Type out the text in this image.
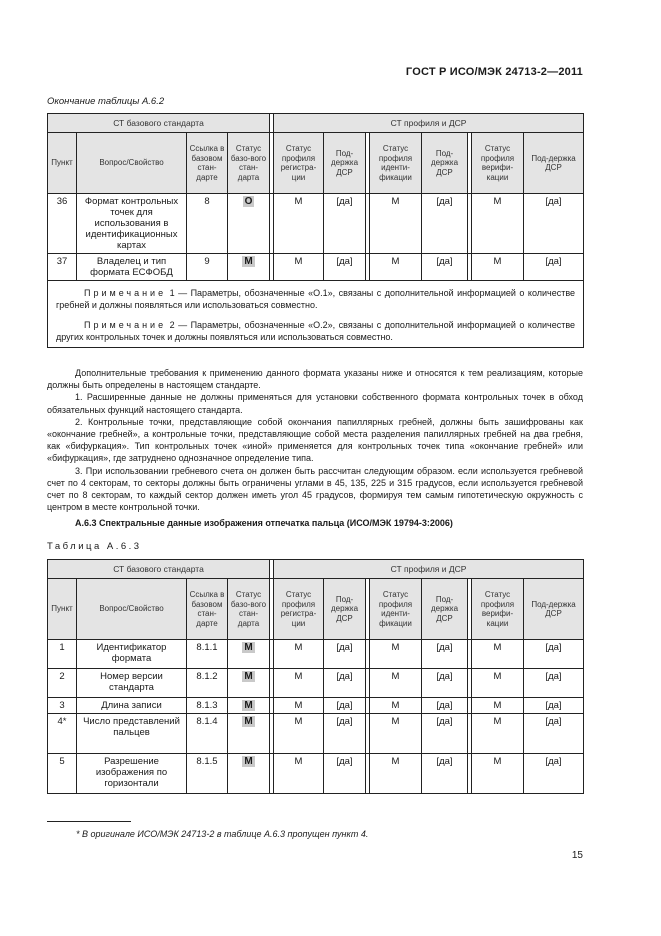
ГОСТ Р ИСО/МЭК 24713-2—2011
Окончание таблицы А.6.2
СТ базового стандарта					СТ профиля и ДСР							
Пункт	Вопрос/Свойство	Ссылка в базовом стан-дарте	Статус базо-вого стан-дарта		Статус профиля регистра-ции	Под-держка ДСР		Статус профиля иденти-фикации	Под-держка ДСР		Статус профиля верифи-кации	Под-держка ДСР
36	Формат контрольных точек для использования в идентификационных картах	8	О		М	[да]		М	[да]		М	[да]
37	Владелец и тип формата ЕСФОБД	9	М		М	[да]		М	[да]		М	[да]

Примечание 1 — Параметры, обозначенные «О.1», связаны с дополнительной информацией о количестве гребней и должны появляться или использоваться совместно.

Примечание 2 — Параметры, обозначенные «О.2», связаны с дополнительной информацией о количестве других контрольных точек и должны появляться или использоваться совместно.												

Дополнительные требования к применению данного формата указаны ниже и относятся к тем реализациям, которые должны быть определены в настоящем стандарте.

1. Расширенные данные не должны применяться для установки собственного формата контрольных точек в обход обязательных функций настоящего стандарта.

2. Контрольные точки, представляющие собой окончания папиллярных гребней, должны быть зашифрованы как «окончание гребней», а контрольные точки, представляющие собой места разделения папиллярных гребней на два гребня, как «бифуркация». Тип контрольных точек «иной» применяется для контрольных точек типа «окончание гребней» или «бифуркация», где затруднено однозначное определение типа.

3. При использовании гребневого счета он должен быть рассчитан следующим образом. если используется гребневой счет по 4 секторам, то секторы должны быть ограничены углами в 45, 135, 225 и 315 градусов, если используется гребневой счет по 8 секторам, то каждый сектор должен иметь угол 45 градусов, формируя тем самым гипотетическую окружность с центром в месте контрольной точки.

А.6.3 Спектральные данные изображения отпечатка пальца (ИСО/МЭК 19794-3:2006)

Таблица А.6.3
СТ базового стандарта					СТ профиля и ДСР							
Пункт	Вопрос/Свойство	Ссылка в базовом стан-дарте	Статус базо-вого стан-дарта		Статус профиля регистра-ции	Под-держка ДСР		Статус профиля иденти-фикации	Под-держка ДСР		Статус профиля верифи-кации	Под-держка ДСР
1	Идентификатор формата	8.1.1	М		М	[да]		М	[да]		М	[да]
2	Номер версии стандарта	8.1.2	М		М	[да]		М	[да]		М	[да]
3	Длина записи	8.1.3	М		М	[да]		М	[да]		М	[да]
4*	Число представлений пальцев	8.1.4	М		М	[да]		М	[да]		М	[да]
5	Разрешение изображения по горизонтали	8.1.5	М		М	[да]		М	[да]		М	[да]
* В оригинале ИСО/МЭК 24713-2 в таблице А.6.3 пропущен пункт 4.
15
